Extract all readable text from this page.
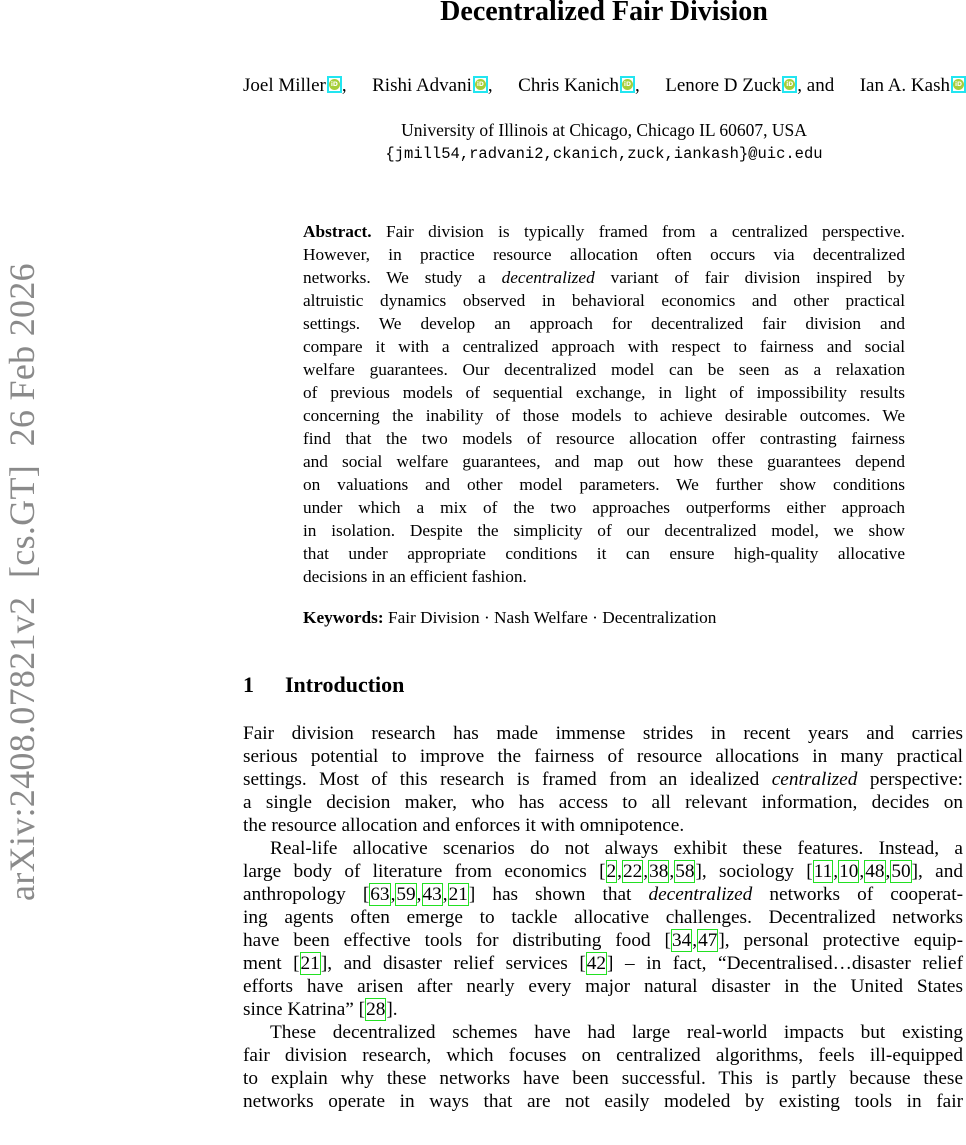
arXiv:2408.07821v2  [cs.GT]  26 Feb 2026
Decentralized Fair Division
Joel Miller iD , Rishi Advani iD , Chris Kanich iD , Lenore D Zuck iD , and Ian A. KashiD
University of Illinois at Chicago, Chicago IL 60607, USA
{jmill54,radvani2,ckanich,zuck,iankash}@uic.edu
Abstract. Fair division is typically framed from a centralized perspective.
However, in practice resource allocation often occurs via decentralized
networks. We study a decentralized variant of fair division inspired by
altruistic dynamics observed in behavioral economics and other practical
settings. We develop an approach for decentralized fair division and
compare it with a centralized approach with respect to fairness and social
welfare guarantees. Our decentralized model can be seen as a relaxation
of previous models of sequential exchange, in light of impossibility results
concerning the inability of those models to achieve desirable outcomes. We
find that the two models of resource allocation offer contrasting fairness
and social welfare guarantees, and map out how these guarantees depend
on valuations and other model parameters. We further show conditions
under which a mix of the two approaches outperforms either approach
in isolation. Despite the simplicity of our decentralized model, we show
that under appropriate conditions it can ensure high-quality allocative
decisions in an efficient fashion.
Keywords: Fair Division · Nash Welfare · Decentralization
1 Introduction
Fair division research has made immense strides in recent years and carries
serious potential to improve the fairness of resource allocations in many practical
settings. Most of this research is framed from an idealized centralized perspective:
a single decision maker, who has access to all relevant information, decides on
the resource allocation and enforces it with omnipotence.
Real-life allocative scenarios do not always exhibit these features. Instead, a
large body of literature from economics [2,22,38,58], sociology [11,10,48,50], and
anthropology [63,59,43,21] has shown that decentralized networks of cooperat-
ing agents often emerge to tackle allocative challenges. Decentralized networks
have been effective tools for distributing food [34,47], personal protective equip-
ment [21], and disaster relief services [42] – in fact, “Decentralised…disaster relief
efforts have arisen after nearly every major natural disaster in the United States
since Katrina” [28].
These decentralized schemes have had large real-world impacts but existing
fair division research, which focuses on centralized algorithms, feels ill-equipped
to explain why these networks have been successful. This is partly because these
networks operate in ways that are not easily modeled by existing tools in fair
